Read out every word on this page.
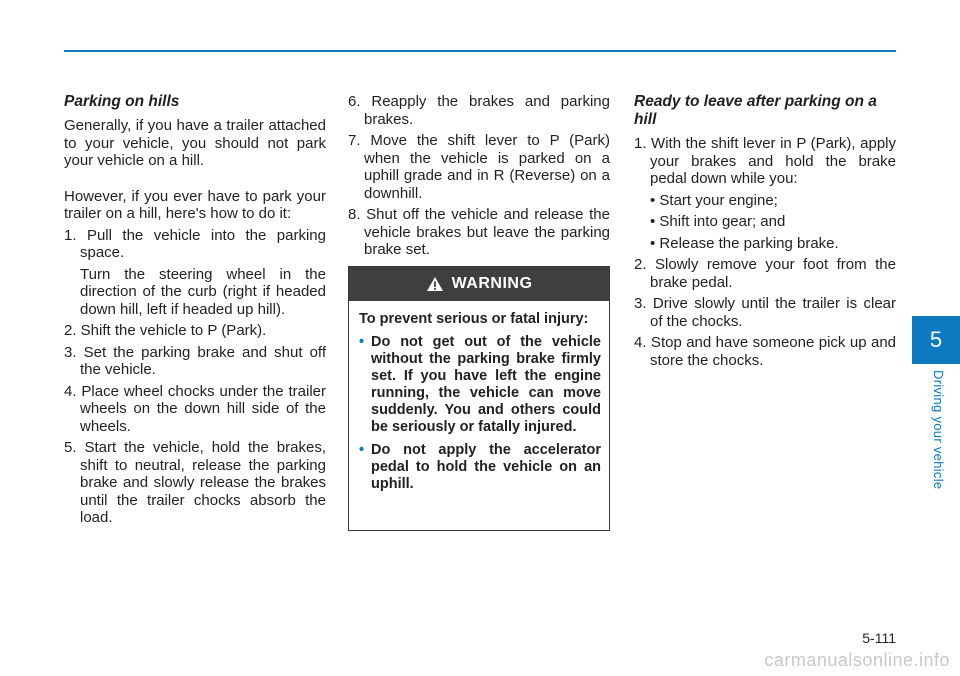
Parking on hills

Generally, if you have a trailer attached to your vehicle, you should not park your vehicle on a hill.

However, if you ever have to park your trailer on a hill, here's how to do it:

1. Pull the vehicle into the parking space.
Turn the steering wheel in the direction of the curb (right if headed down hill, left if headed up hill).
2. Shift the vehicle to P (Park).
3. Set the parking brake and shut off the vehicle.
4. Place wheel chocks under the trailer wheels on the down hill side of the wheels.
5. Start the vehicle, hold the brakes, shift to neutral, release the parking brake and slowly release the brakes until the trailer chocks absorb the load.
6. Reapply the brakes and parking brakes.
7. Move the shift lever to P (Park) when the vehicle is parked on a uphill grade and in R (Reverse) on a downhill.
8. Shut off the vehicle and release the vehicle brakes but leave the parking brake set.
WARNING

To prevent serious or fatal injury:

• Do not get out of the vehicle without the parking brake firmly set. If you have left the engine running, the vehicle can move suddenly. You and others could be seriously or fatally injured.
• Do not apply the accelerator pedal to hold the vehicle on an uphill.
Ready to leave after parking on a hill
1. With the shift lever in P (Park), apply your brakes and hold the brake pedal down while you:
• Start your engine;
• Shift into gear; and
• Release the parking brake.
2. Slowly remove your foot from the brake pedal.
3. Drive slowly until the trailer is clear of the chocks.
4. Stop and have someone pick up and store the chocks.
5
Driving your vehicle
5-111
carmanualsonline.info
